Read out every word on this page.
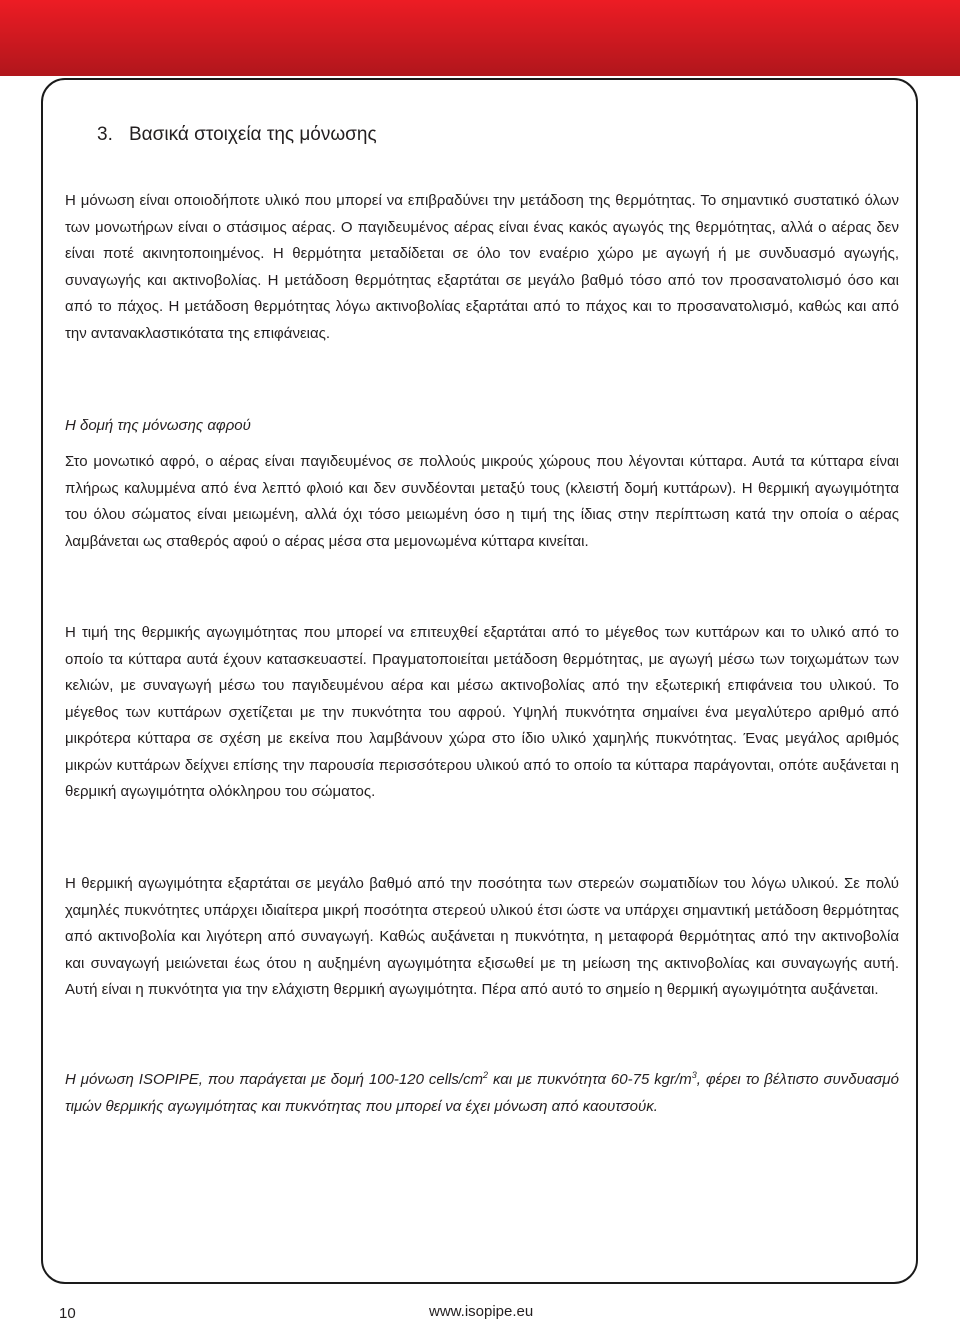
3. Βασικά στοιχεία της μόνωσης

Η μόνωση είναι οποιοδήποτε υλικό που μπορεί να επιβραδύνει την μετάδοση της θερμότητας. Το σημαντικό συστατικό όλων των μονωτήρων είναι ο στάσιμος αέρας. Ο παγιδευμένος αέρας είναι ένας κακός αγωγός της θερμότητας, αλλά ο αέρας δεν είναι ποτέ ακινητοποιημένος. Η θερμότητα μεταδίδεται σε όλο τον εναέριο χώρο με αγωγή ή με συνδυασμό αγωγής, συναγωγής και ακτινοβολίας. Η μετάδοση θερμότητας εξαρτάται σε μεγάλο βαθμό τόσο από τον προσανατολισμό όσο και από το πάχος. Η μετάδοση θερμότητας λόγω ακτινοβολίας εξαρτάται από το πάχος και το προσανατολισμό, καθώς και από την αντανακλαστικότατα της επιφάνειας.

Η δομή της μόνωσης αφρού

Στο μονωτικό αφρό, ο αέρας είναι παγιδευμένος σε πολλούς μικρούς χώρους που λέγονται κύτταρα. Αυτά τα κύτταρα είναι πλήρως καλυμμένα από ένα λεπτό φλοιό και δεν συνδέονται μεταξύ τους (κλειστή δομή κυττάρων). Η θερμική αγωγιμότητα του όλου σώματος είναι μειωμένη, αλλά όχι τόσο μειωμένη όσο η τιμή της ίδιας στην περίπτωση κατά την οποία ο αέρας λαμβάνεται ως σταθερός αφού ο αέρας μέσα στα μεμονωμένα κύτταρα κινείται.

Η τιμή της θερμικής αγωγιμότητας που μπορεί να επιτευχθεί εξαρτάται από το μέγεθος των κυττάρων και το υλικό από το οποίο τα κύτταρα αυτά έχουν κατασκευαστεί. Πραγματοποιείται μετάδοση θερμότητας, με αγωγή μέσω των τοιχωμάτων των κελιών, με συναγωγή μέσω του παγιδευμένου αέρα και μέσω ακτινοβολίας από την εξωτερική επιφάνεια του υλικού. Το μέγεθος των κυττάρων σχετίζεται με την πυκνότητα του αφρού. Υψηλή πυκνότητα σημαίνει ένα μεγαλύτερο αριθμό από μικρότερα κύτταρα σε σχέση με εκείνα που λαμβάνουν χώρα στο ίδιο υλικό χαμηλής πυκνότητας. Ένας μεγάλος αριθμός μικρών κυττάρων δείχνει επίσης την παρουσία περισσότερου υλικού από το οποίο τα κύτταρα παράγονται, οπότε αυξάνεται η θερμική αγωγιμότητα ολόκληρου του σώματος.

Η θερμική αγωγιμότητα εξαρτάται σε μεγάλο βαθμό από την ποσότητα των στερεών σωματιδίων του λόγω υλικού. Σε πολύ χαμηλές πυκνότητες υπάρχει ιδιαίτερα μικρή ποσότητα στερεού υλικού έτσι ώστε να υπάρχει σημαντική μετάδοση θερμότητας από ακτινοβολία και λιγότερη από συναγωγή. Καθώς αυξάνεται η πυκνότητα, η μεταφορά θερμότητας από την ακτινοβολία και συναγωγή μειώνεται έως ότου η αυξημένη αγωγιμότητα εξισωθεί με τη μείωση της ακτινοβολίας και συναγωγής αυτή. Αυτή είναι η πυκνότητα για την ελάχιστη θερμική αγωγιμότητα. Πέρα από αυτό το σημείο η θερμική αγωγιμότητα αυξάνεται.

Η μόνωση ISOPIPE, που παράγεται με δομή 100-120 cells/$cm^2$ και με πυκνότητα 60-75 kgr/$m^3$, φέρει το βέλτιστο συνδυασμό τιμών θερμικής αγωγιμότητας και πυκνότητας που μπορεί να έχει μόνωση από καουτσούκ.

10	www.isopipe.eu
